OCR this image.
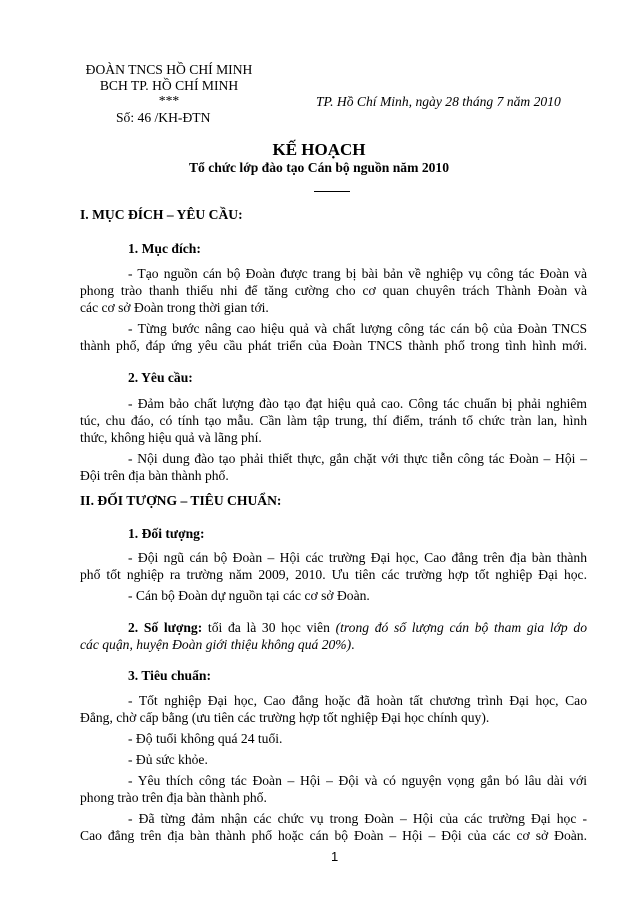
ĐOÀN TNCS HỒ CHÍ MINH
BCH TP. HỒ CHÍ MINH
***
Số: 46 /KH-ĐTN
TP. Hồ Chí Minh, ngày 28 tháng 7 năm 2010
KẾ HOẠCH
Tổ chức lớp đào tạo Cán bộ nguồn năm 2010
I. MỤC ĐÍCH – YÊU CẦU:
1. Mục đích:
- Tạo nguồn cán bộ Đoàn được trang bị bài bản về nghiệp vụ công tác Đoàn và
phong trào thanh thiếu nhi để tăng cường cho cơ quan chuyên trách Thành Đoàn và
các cơ sở Đoàn trong thời gian tới.
- Từng bước nâng cao hiệu quả và chất lượng công tác cán bộ của Đoàn TNCS
thành phố, đáp ứng yêu cầu phát triển của Đoàn TNCS thành phố trong tình hình mới.
2. Yêu cầu:
- Đảm bảo chất lượng đào tạo đạt hiệu quả cao. Công tác chuẩn bị phải nghiêm
túc, chu đáo, có tính tạo mẫu. Cần làm tập trung, thí điểm, tránh tổ chức tràn lan, hình
thức, không hiệu quả và lãng phí.
- Nội dung đào tạo phải thiết thực, gắn chặt với thực tiễn công tác Đoàn – Hội –
Đội trên địa bàn thành phố.
II. ĐỐI TƯỢNG – TIÊU CHUẨN:
1. Đối tượng:
- Đội ngũ cán bộ Đoàn – Hội các trường Đại học, Cao đẳng trên địa bàn thành
phố tốt nghiệp ra trường năm 2009, 2010. Ưu tiên các trường hợp tốt nghiệp Đại học.
- Cán bộ Đoàn dự nguồn tại các cơ sở Đoàn.
2. Số lượng: tối đa là 30 học viên (trong đó số lượng cán bộ tham gia lớp do
các quận, huyện Đoàn giới thiệu không quá 20%).
3. Tiêu chuẩn:
- Tốt nghiệp Đại học, Cao đẳng hoặc đã hoàn tất chương trình Đại học, Cao
Đẳng, chờ cấp bằng (ưu tiên các trường hợp tốt nghiệp Đại học chính quy).
- Độ tuổi không quá 24 tuổi.
- Đủ sức khỏe.
- Yêu thích công tác Đoàn – Hội – Đội và có nguyện vọng gắn bó lâu dài với
phong trào trên địa bàn thành phố.
- Đã từng đảm nhận các chức vụ trong Đoàn – Hội của các trường Đại học -
Cao đẳng trên địa bàn thành phố hoặc cán bộ Đoàn – Hội – Đội của các cơ sở Đoàn.
1
